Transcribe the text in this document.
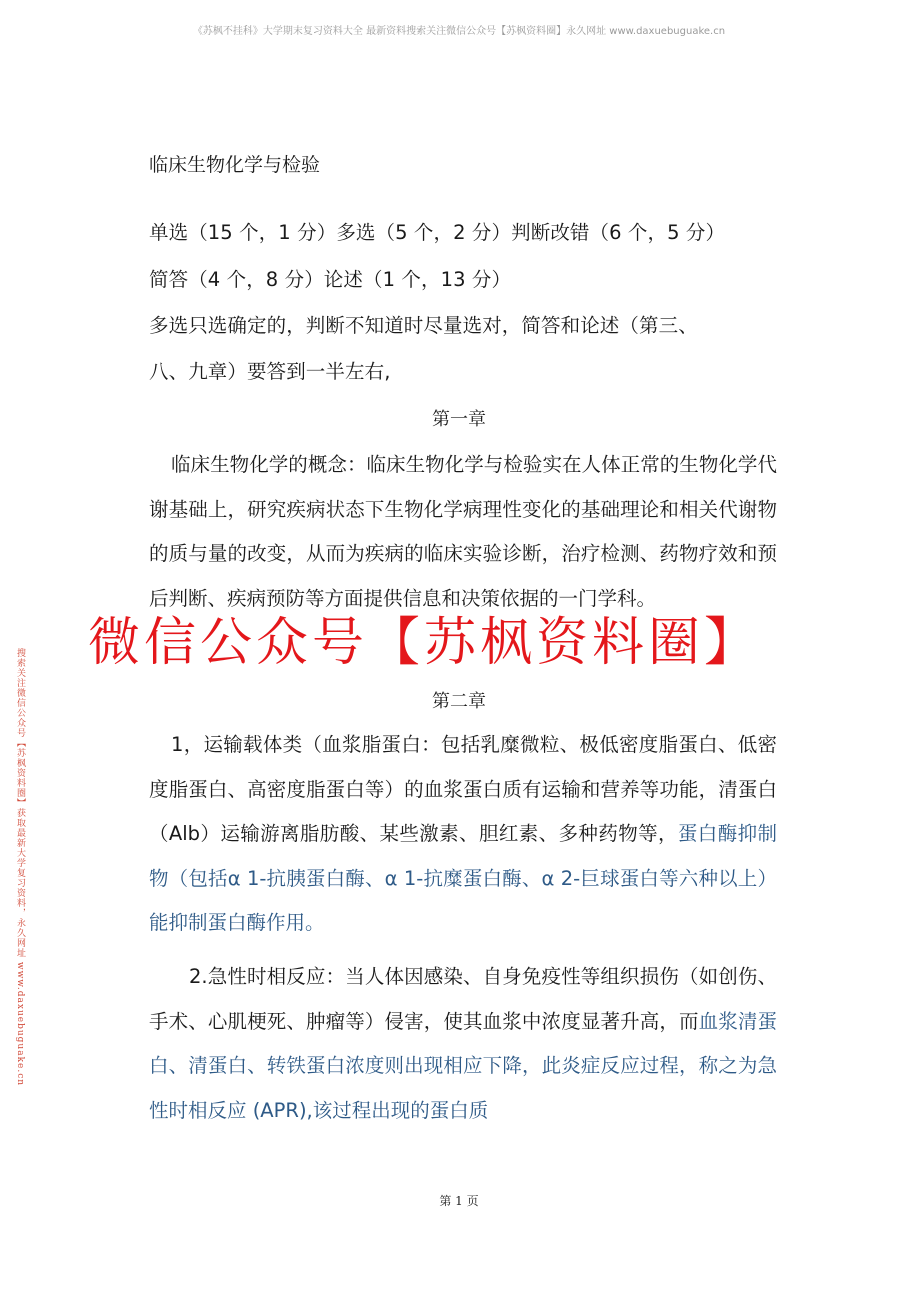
《苏枫不挂科》大学期末复习资料大全 最新资料搜索关注微信公众号【苏枫资料圈】永久网址 www.daxuebuguake.cn
搜索关注微信公众号【苏枫资料圈】获取最新大学复习资料，永久网址 www.daxuebuguake.cn
临床生物化学与检验
单选（15 个，1 分）多选（5 个，2 分）判断改错（6 个，5 分）
简答（4 个，8 分）论述（1 个，13 分）
多选只选确定的，判断不知道时尽量选对，简答和论述（第三、
八、九章）要答到一半左右,
第一章
临床生物化学的概念：临床生物化学与检验实在人体正常的生物化学代谢基础上，研究疾病状态下生物化学病理性变化的基础理论和相关代谢物的质与量的改变，从而为疾病的临床实验诊断，治疗检测、药物疗效和预后判断、疾病预防等方面提供信息和决策依据的一门学科。
第二章
1，运输载体类（血浆脂蛋白：包括乳糜微粒、极低密度脂蛋白、低密度脂蛋白、高密度脂蛋白等）的血浆蛋白质有运输和营养等功能，清蛋白（Alb）运输游离脂肪酸、某些激素、胆红素、多种药物等，蛋白酶抑制物（包括α 1-抗胰蛋白酶、α 1-抗糜蛋白酶、α 2-巨球蛋白等六种以上）能抑制蛋白酶作用。
2.急性时相反应：当人体因感染、自身免疫性等组织损伤（如创伤、手术、心肌梗死、肿瘤等）侵害，使其血浆中浓度显著升高，而血浆清蛋白、清蛋白、转铁蛋白浓度则出现相应下降，此炎症反应过程，称之为急性时相反应 (APR),该过程出现的蛋白质
微信公众号【苏枫资料圈】
第 1 页
